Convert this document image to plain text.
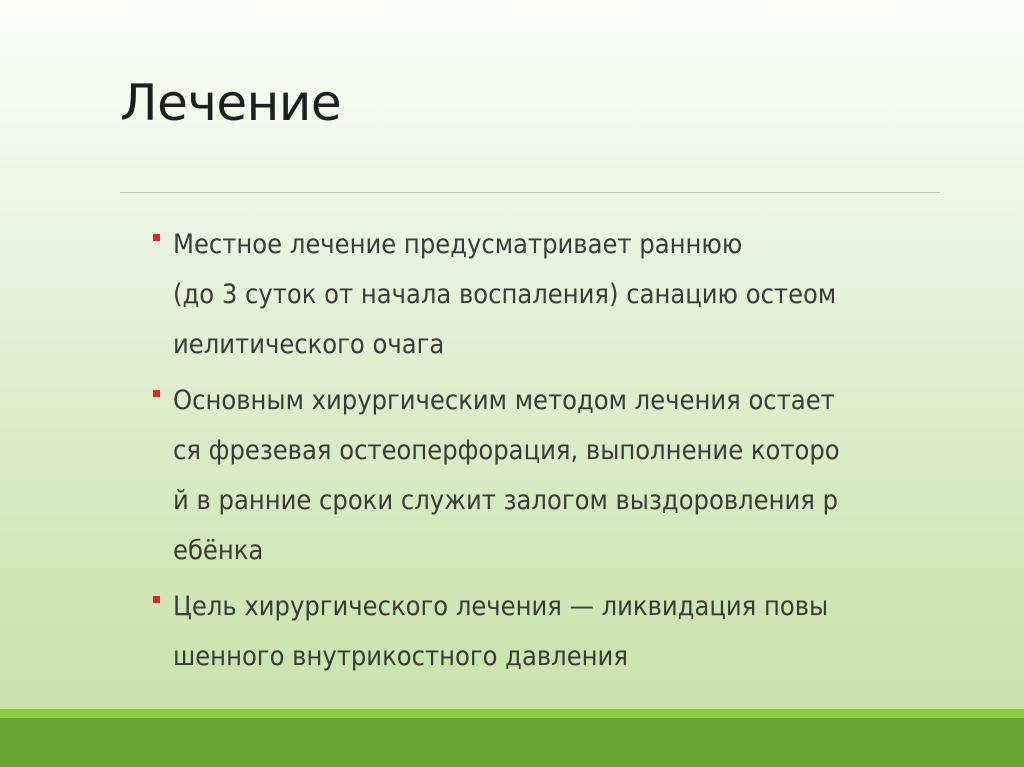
Лечение
Местное лечение предусматривает раннюю
(до 3 суток от начала воспаления) санацию остеом
иелитического очага
Основным хирургическим методом лечения остает
ся фрезевая остеоперфорация, выполнение которо
й в ранние сроки служит залогом выздоровления р
ебёнка
Цель хирургического лечения — ликвидация повы
шенного внутрикостного давления
